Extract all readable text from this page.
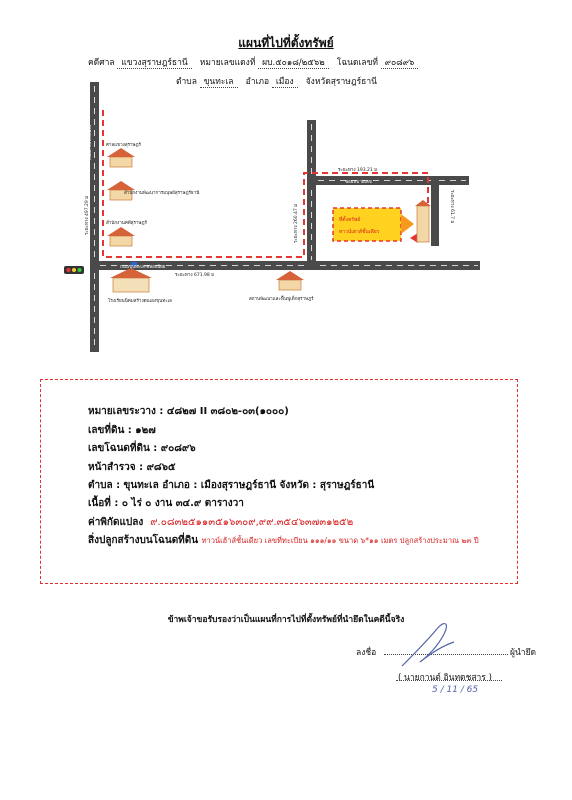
แผนที่ไปที่ตั้งทรัพย์
คดีศาล แขวงสุราษฎร์ธานี หมายเลขแดงที่ ผบ.๕๐๑๘/๒๕๖๒ โฉนดเลขที่ ๙๐๘๙๖
ตำบล ขุนทะเล อำเภอ เมือง จังหวัดสุราษฎร์ธานี
ถนนสายเลี่ยงเมือง
ถนนขุนทะเล-คลองน้อย
ซอยหมายเลข
ระยะทาง 497.29 ม
ระยะทาง 671.98 ม
ระยะทาง 260.47 ม
ระยะทาง 193.21 ม
ระยะทาง 61.7 ม
ศาลแขวงสุราษฎร์
สำนักงานพัฒนาการมนุษย์สุราษฎร์ธานี
สำนักงานคดีสุราษฎร์
โรงเรียนนิคมสร้างตนเองขุนทะเล	สถานพัฒนาและฟื้นฟูเด็กสุราษฎร์
ที่ตั้งทรัพย์
ทาวน์เฮาส์ชั้นเดียว
หมายเลขระวาง : ๔๘๒๗ II ๓๘๐๒-๐๓(๑๐๐๐)
เลขที่ดิน : ๑๒๗
เลขโฉนดที่ดิน : ๙๐๘๙๖
หน้าสำรวจ : ๙๘๖๕
ตำบล : ขุนทะเล อำเภอ : เมืองสุราษฎร์ธานี จังหวัด : สุราษฎร์ธานี
เนื้อที่ : ๐ ไร่ ๐ งาน ๓๔.๙ ตารางวา
ค่าพิกัดแปลง ๙.๐๘๓๒๕๑๑๓๕๑๖๓๐๙,๙๙.๓๕๔๖๓๗๓๑๒๕๒
สิ่งปลูกสร้างบนโฉนดที่ดิน ทาวน์เฮ้าส์ชั้นเดียว เลขที่ทะเบียน ๑๑๑/๑๑ ขนาด ๖*๑๑ เมตร ปลูกสร้างประมาณ ๒๓ ปี
ข้าพเจ้าขอรับรองว่าเป็นแผนที่การไปที่ตั้งทรัพย์ที่นำยึดในคดีนี้จริง
ลงชื่อ	ผู้นำยึด
( นายกานต์ อินทดชสาร )
5 / 11 / 65
